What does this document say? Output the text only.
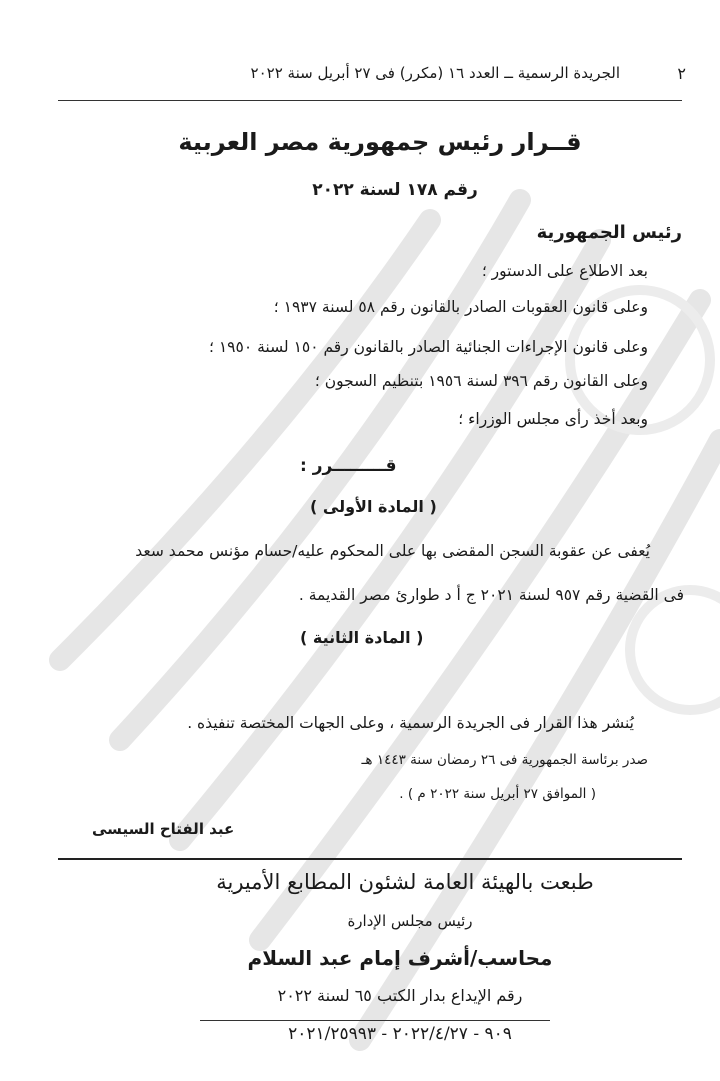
٢
الجريدة الرسمية ــ العدد ١٦ (مكرر) فى ٢٧ أبريل سنة ٢٠٢٢
قــرار رئيس جمهورية مصر العربية
رقم ١٧٨ لسنة ٢٠٢٢
رئيس الجمهورية
بعد الاطلاع على الدستور ؛
وعلى قانون العقوبات الصادر بالقانون رقم ٥٨ لسنة ١٩٣٧ ؛
وعلى قانون الإجراءات الجنائية الصادر بالقانون رقم ١٥٠ لسنة ١٩٥٠ ؛
وعلى القانون رقم ٣٩٦ لسنة ١٩٥٦ بتنظيم السجون ؛
وبعد أخذ رأى مجلس الوزراء ؛
قـــــــــرر :
( المادة الأولى )
يُعفى عن عقوبة السجن المقضى بها على المحكوم عليه/حسام مؤنس محمد سعد
فى القضية رقم ٩٥٧ لسنة ٢٠٢١ ج أ د طوارئ مصر القديمة .
( المادة الثانية )
يُنشر هذا القرار فى الجريدة الرسمية ، وعلى الجهات المختصة تنفيذه .
صدر برئاسة الجمهورية فى ٢٦ رمضان سنة ١٤٤٣ هـ
( الموافق ٢٧ أبريل سنة ٢٠٢٢ م ) .
عبد الفتاح السيسى
طبعت بالهيئة العامة لشئون المطابع الأميرية
رئيس مجلس الإدارة
محاسب/أشرف إمام عبد السلام
رقم الإيداع بدار الكتب ٦٥ لسنة ٢٠٢٢
٩٠٩ - ٢٠٢٢/٤/٢٧ - ٢٠٢١/٢٥٩٩٣
